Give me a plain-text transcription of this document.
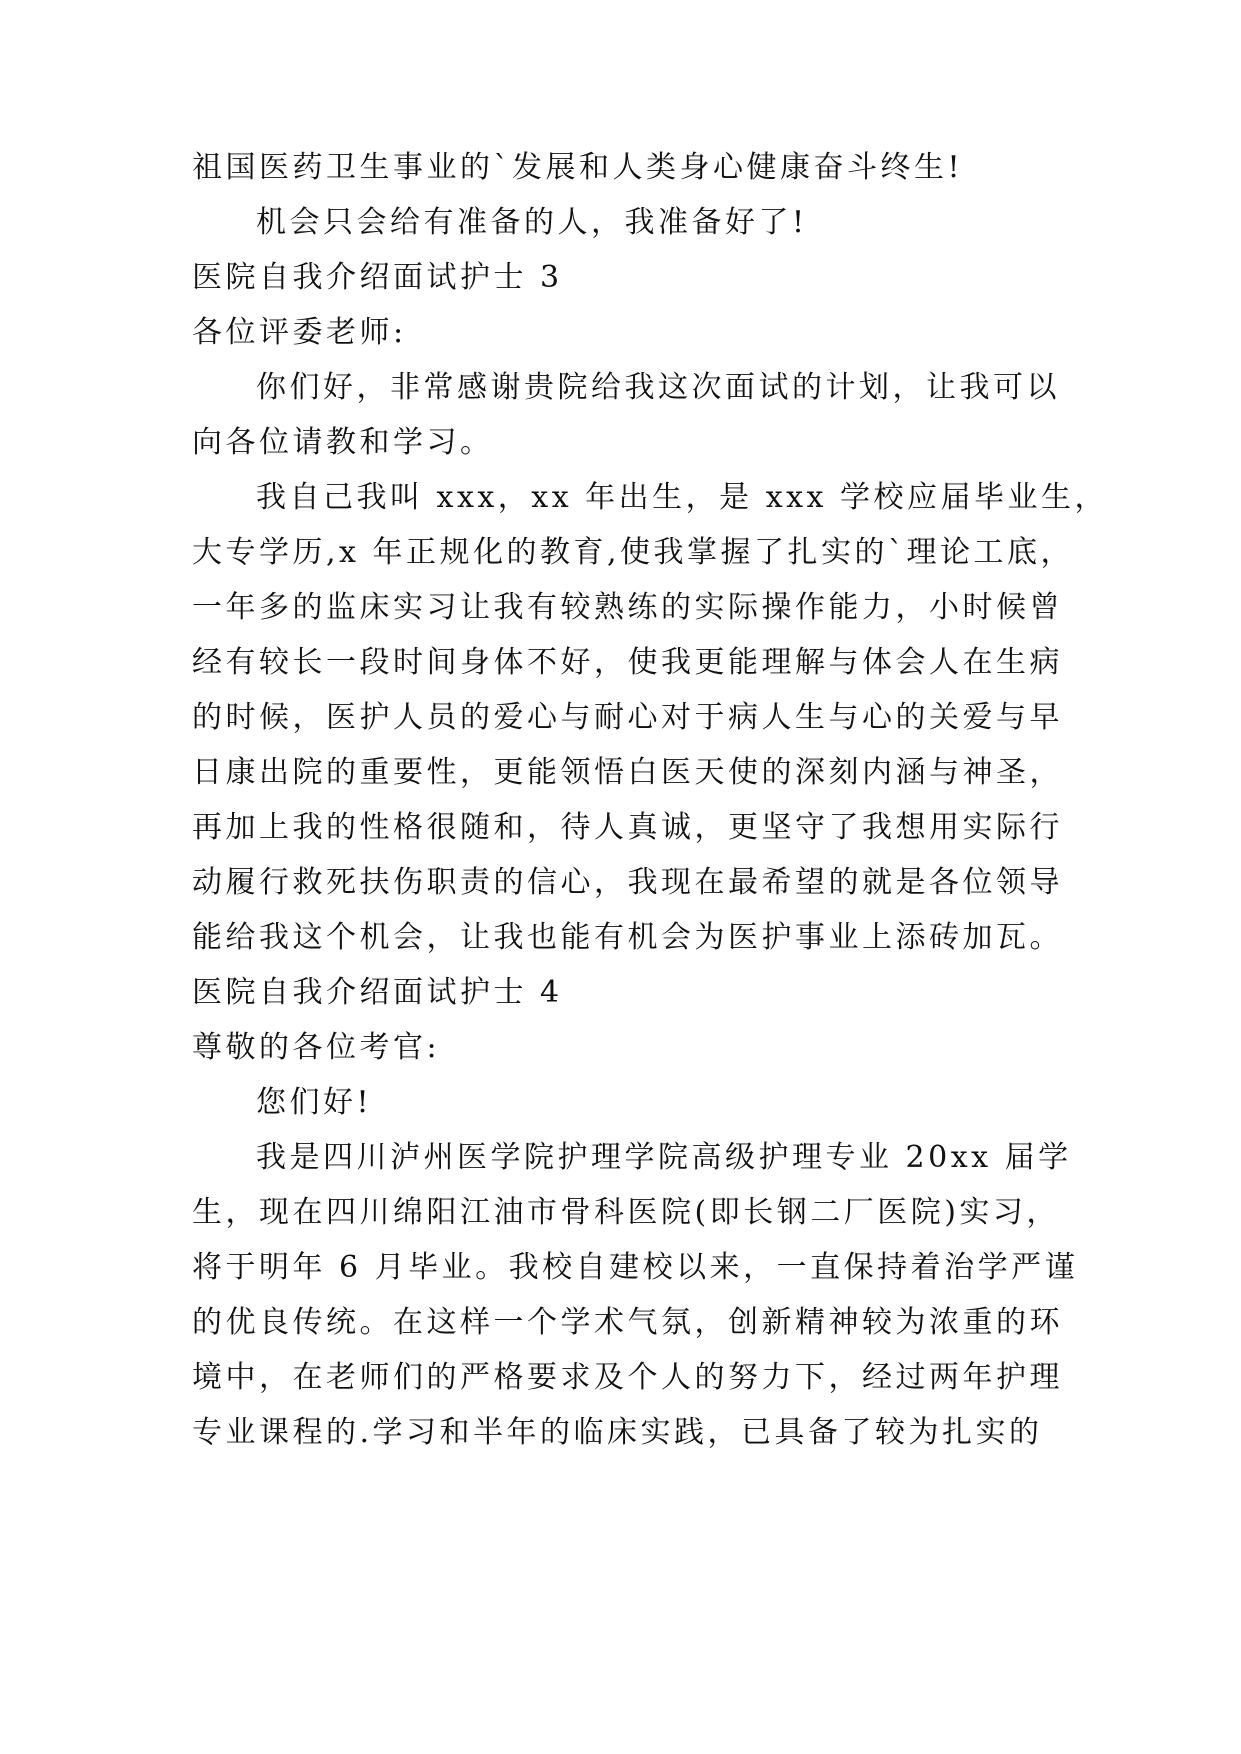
祖国医药卫生事业的`发展和人类身心健康奋斗终生!
机会只会给有准备的人，我准备好了!
医院自我介绍面试护士 3
各位评委老师:
你们好，非常感谢贵院给我这次面试的计划，让我可以
向各位请教和学习。
我自己我叫 xxx，xx 年出生，是 xxx 学校应届毕业生，
大专学历,x 年正规化的教育,使我掌握了扎实的`理论工底，
一年多的监床实习让我有较熟练的实际操作能力，小时候曾
经有较长一段时间身体不好，使我更能理解与体会人在生病
的时候，医护人员的爱心与耐心对于病人生与心的关爱与早
日康出院的重要性，更能领悟白医天使的深刻内涵与神圣，
再加上我的性格很随和，待人真诚，更坚守了我想用实际行
动履行救死扶伤职责的信心，我现在最希望的就是各位领导
能给我这个机会，让我也能有机会为医护事业上添砖加瓦。
医院自我介绍面试护士 4
尊敬的各位考官:
您们好!
我是四川泸州医学院护理学院高级护理专业 20xx 届学
生，现在四川绵阳江油市骨科医院(即长钢二厂医院)实习，
将于明年 6 月毕业。我校自建校以来，一直保持着治学严谨
的优良传统。在这样一个学术气氛，创新精神较为浓重的环
境中，在老师们的严格要求及个人的努力下，经过两年护理
专业课程的.学习和半年的临床实践，已具备了较为扎实的
